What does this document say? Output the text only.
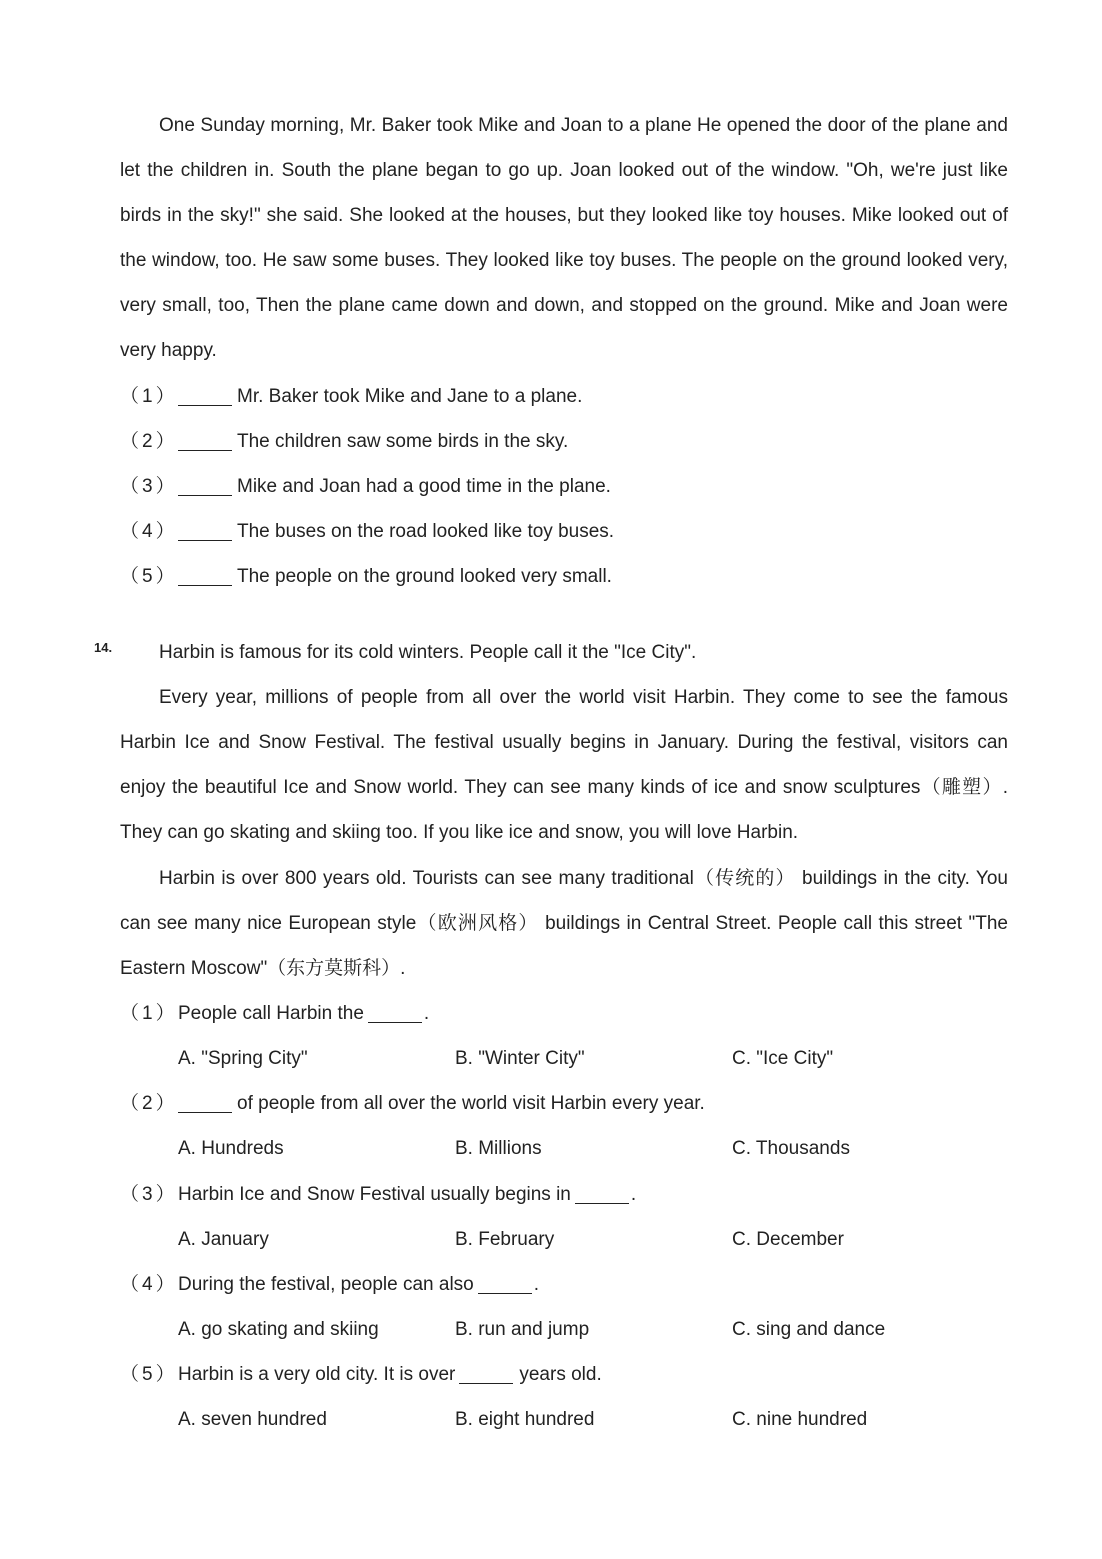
One Sunday morning, Mr. Baker took Mike and Joan to a plane He opened the door of the plane and let the children in. South the plane began to go up. Joan looked out of the window. "Oh, we're just like birds in the sky!" she said. She looked at the houses, but they looked like toy houses. Mike looked out of the window, too. He saw some buses. They looked like toy buses. The people on the ground looked very, very small, too, Then the plane came down and down, and stopped on the ground. Mike and Joan were very happy.

（1）	Mr. Baker took Mike and Jane to a plane.
（2）	The children saw some birds in the sky.
（3）	Mike and Joan had a good time in the plane.
（4）	The buses on the road looked like toy buses.
（5）	The people on the ground looked very small.
14. Harbin is famous for its cold winters. People call it the "Ice City".

Every year, millions of people from all over the world visit Harbin. They come to see the famous Harbin Ice and Snow Festival. The festival usually begins in January. During the festival, visitors can enjoy the beautiful Ice and Snow world. They can see many kinds of ice and snow sculptures（雕塑）. They can go skating and skiing too. If you like ice and snow, you will love Harbin.

Harbin is over 800 years old. Tourists can see many traditional（传统的） buildings in the city. You can see many nice European style（欧洲风格） buildings in Central Street. People call this street "The Eastern Moscow"（东方莫斯科）.

（1）People call Harbin the	.
A. "Spring City"	B. "Winter City"	C. "Ice City"
（2）	of people from all over the world visit Harbin every year.
A. Hundreds	B. Millions	C. Thousands
（3）Harbin Ice and Snow Festival usually begins in	.
A. January	B. February	C. December
（4）During the festival, people can also	.
A. go skating and skiing	B. run and jump	C. sing and dance
（5）Harbin is a very old city. It is over	years old.
A. seven hundred	B. eight hundred	C. nine hundred
